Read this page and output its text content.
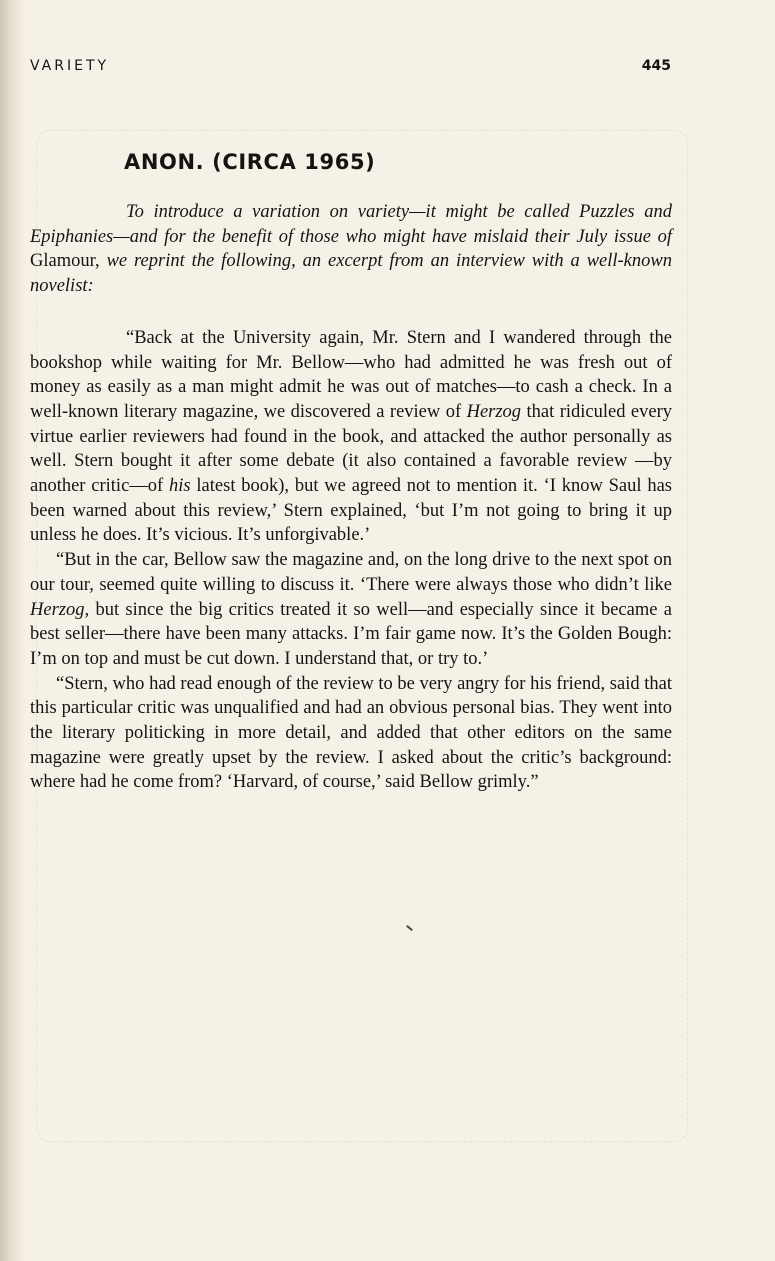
VARIETY	445
ANON. (CIRCA 1965)

To introduce a variation on variety—it might be called Puzzles and Epiphanies—and for the benefit of those who might have mislaid their July issue of Glamour, we reprint the following, an excerpt from an interview with a well-known novelist:

“Back at the University again, Mr. Stern and I wandered through the bookshop while waiting for Mr. Bellow—who had admitted he was fresh out of money as easily as a man might admit he was out of matches—to cash a check. In a well-known literary magazine, we discovered a review of Herzog that ridiculed every virtue earlier reviewers had found in the book, and attacked the author personally as well. Stern bought it after some debate (it also contained a favorable review —by another critic—of his latest book), but we agreed not to mention it. ‘I know Saul has been warned about this review,’ Stern explained, ‘but I’m not going to bring it up unless he does. It’s vicious. It’s unforgivable.’

“But in the car, Bellow saw the magazine and, on the long drive to the next spot on our tour, seemed quite willing to discuss it. ‘There were always those who didn’t like Herzog, but since the big critics treated it so well—and especially since it became a best seller—there have been many attacks. I’m fair game now. It’s the Golden Bough: I’m on top and must be cut down. I understand that, or try to.’

“Stern, who had read enough of the review to be very angry for his friend, said that this particular critic was unqualified and had an obvious personal bias. They went into the literary politicking in more detail, and added that other editors on the same magazine were greatly upset by the review. I asked about the critic’s background: where had he come from? ‘Harvard, of course,’ said Bellow grimly.”
